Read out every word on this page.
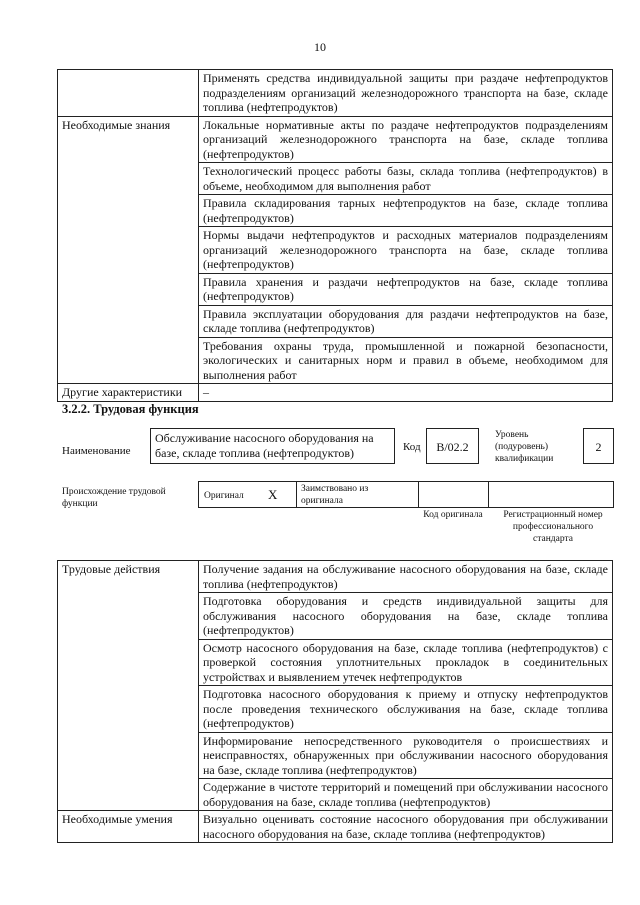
10
	Применять средства индивидуальной защиты при раздаче нефтепродуктов подразделениям организаций железнодорожного транспорта на базе, складе топлива (нефтепродуктов)
Необходимые знания	Локальные нормативные акты по раздаче нефтепродуктов подразделениям организаций железнодорожного транспорта на базе, складе топлива (нефтепродуктов)
	Технологический процесс работы базы, склада топлива (нефтепродуктов) в объеме, необходимом для выполнения работ
	Правила складирования тарных нефтепродуктов на базе, складе топлива (нефтепродуктов)
	Нормы выдачи нефтепродуктов и расходных материалов подразделениям организаций железнодорожного транспорта на базе, складе топлива (нефтепродуктов)
	Правила хранения и раздачи нефтепродуктов на базе, складе топлива (нефтепродуктов)
	Правила эксплуатации оборудования для раздачи нефтепродуктов на базе, складе топлива (нефтепродуктов)
	Требования охраны труда, промышленной и пожарной безопасности, экологических и санитарных норм и правил в объеме, необходимом для выполнения работ
Другие характеристики	–
3.2.2. Трудовая функция
Наименование
Обслуживание насосного оборудования на базе, складе топлива (нефтепродуктов)	Код	B/02.2
Уровень (подуровень) квалификации
2
Происхождение трудовой функции
Оригинал X Заимствовано из оригинала
Код оригинала	Регистрационный номер профессионального стандарта
Трудовые действия	Получение задания на обслуживание насосного оборудования на базе, складе топлива (нефтепродуктов)
	Подготовка оборудования и средств индивидуальной защиты для обслуживания насосного оборудования на базе, складе топлива (нефтепродуктов)
	Осмотр насосного оборудования на базе, складе топлива (нефтепродуктов) с проверкой состояния уплотнительных прокладок в соединительных устройствах и выявлением утечек нефтепродуктов
	Подготовка насосного оборудования к приему и отпуску нефтепродуктов после проведения технического обслуживания на базе, складе топлива (нефтепродуктов)
	Информирование непосредственного руководителя о происшествиях и неисправностях, обнаруженных при обслуживании насосного оборудования на базе, складе топлива (нефтепродуктов)
	Содержание в чистоте территорий и помещений при обслуживании насосного оборудования на базе, складе топлива (нефтепродуктов)
Необходимые умения	Визуально оценивать состояние насосного оборудования при обслуживании насосного оборудования на базе, складе топлива (нефтепродуктов)
